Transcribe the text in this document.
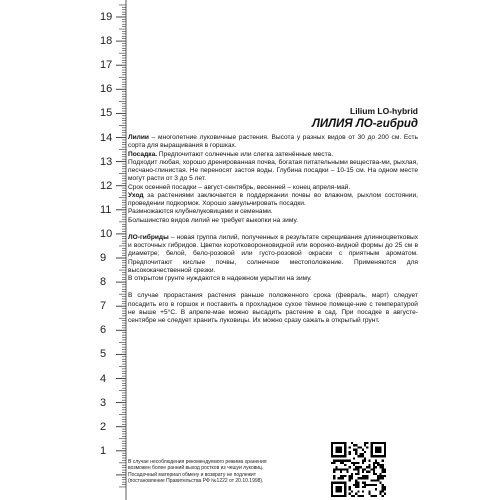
19
18
17
16
15
14
13
12
11
10
9
8
7
6
5
4
3
2
1
Lilium LO-hybrid
ЛИЛИЯ ЛО-гибрид

Лилии – многолетние луковичные растения. Высота у разных видов от 30 до 200 см. Есть сорта для выращивания в горшках.

Посадка. Предпочитают солнечные или слегка затенённые места.

Подходит любая, хорошо дренированная почва, богатая питательными вещества-ми, рыхлая, песчано-глинистая. Не переносят застоя воды. Глубина посадки – 10-15 см. На одном месте могут расти от 3 до 5 лет.

Срок осенней посадки – август-сентябрь, весенней – конец апреля-май.

Уход за растениями заключается в поддержании почвы во влажном, рыхлом состоянии, проведении подкормок. Хорошо замульчировать посадки.

Размножаются клубнелуковицами и семенами.

Большинство видов лилий не требует выкопки на зиму.

ЛО-гибриды – новая группа лилий, полученных в результате скрещивания длинноцветковых и восточных гибридов. Цветки коротковоронковидной или воронко-видной формы до 25 см в диаметре; белой, бело-розовой или густо-розовой окраски с приятным ароматом. Предпочитают кислые почвы, солнечное местоположение. Применяются для высококачественной срезки.

В открытом грунте нуждаются в надежном укрытии на зиму.

В случае прорастания растения раньше положенного срока (февраль, март) следует посадить его в горшок и поставить в прохладное сухое тёмное помеще-ние с температурой не выше +5°С. В апреле-мае можно высадить растение в сад. При посадке в августе-сентябре не следует хранить луковицы. Их можно сразу сажать в открытый грунт.

В случае несоблюдения рекомендуемого режима хранения

возможен более ранний выход ростков из чешуи луковиц.

Посадочный материал обмену и возврату не подлежит

(постановление Правительства РФ №1222 от 20.10.1998).
